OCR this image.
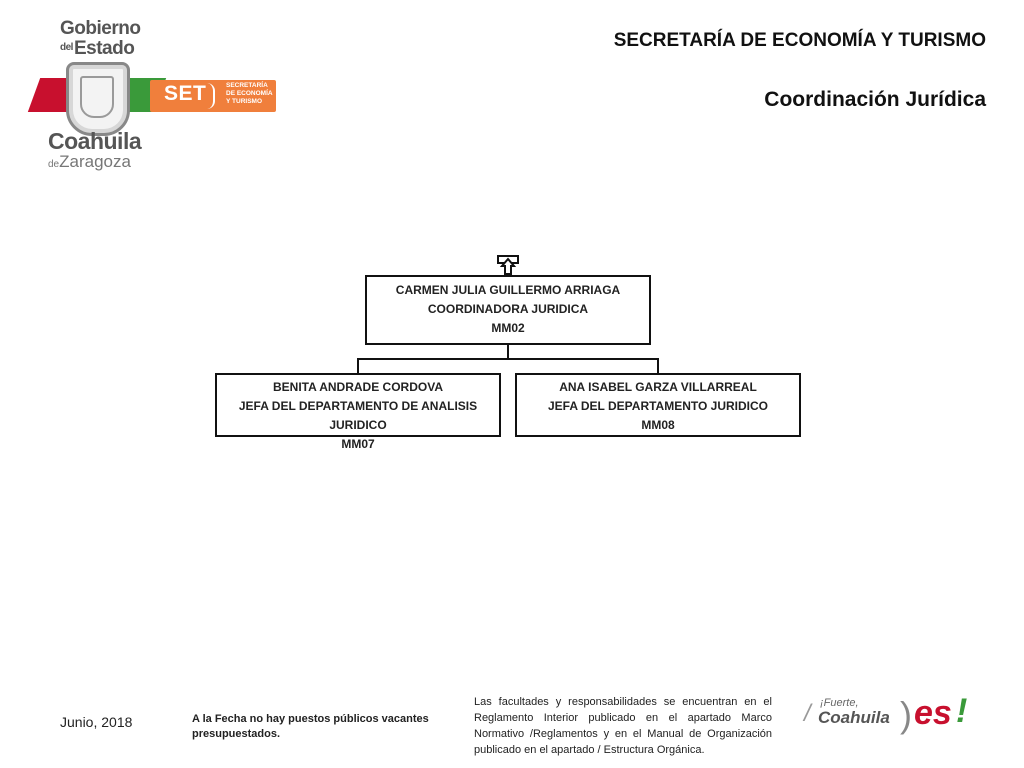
Gobierno
$^{del}$Estado
Coahuila
deZaragoza
SET	SECRETARÍA
DE ECONOMÍA
Y TURISMO
SECRETARÍA DE ECONOMÍA Y TURISMO
Coordinación Jurídica
CARMEN JULIA GUILLERMO ARRIAGA
COORDINADORA JURIDICA
MM02
BENITA ANDRADE CORDOVA
JEFA DEL DEPARTAMENTO DE ANALISIS JURIDICO
MM07
ANA ISABEL GARZA VILLARREAL
JEFA DEL DEPARTAMENTO JURIDICO
MM08
Junio, 2018	A la Fecha no hay puestos públicos vacantes presupuestados.
Las facultades y responsabilidades se encuentran en el Reglamento Interior publicado en el apartado Marco Normativo /Reglamentos y en el Manual de Organización publicado en el apartado / Estructura Orgánica.
/ ¡Fuerte,
Coahuila ) es !
